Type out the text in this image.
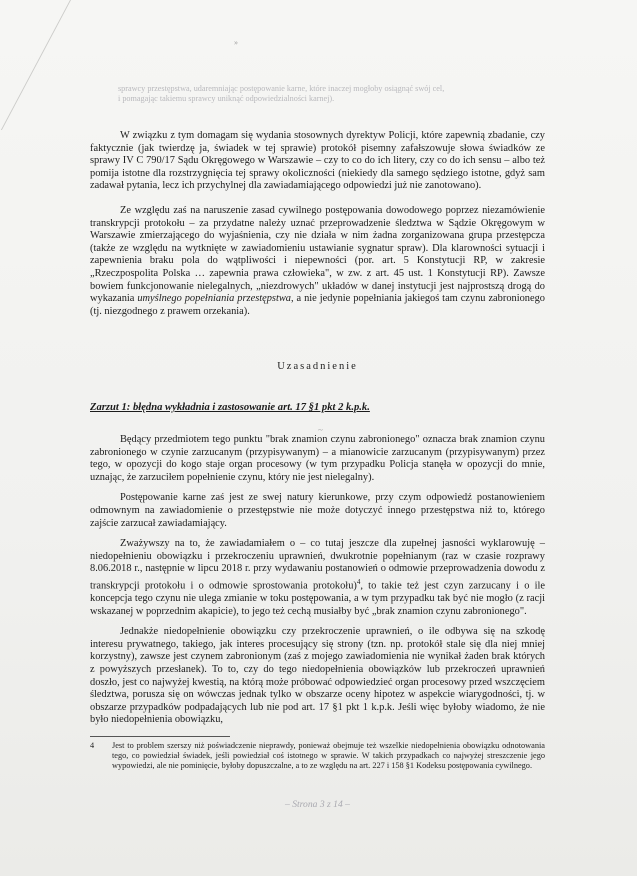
»
sprawcy przestępstwa, udaremniając postępowanie karne, które inaczej mogłoby osiągnąć swój cel,
i pomagając takiemu sprawcy uniknąć odpowiedzialności karnej).

W związku z tym domagam się wydania stosownych dyrektyw Policji, które zapewnią zbadanie, czy faktycznie (jak twierdzę ja, świadek w tej sprawie) protokół pisemny zafałszowuje słowa świadków ze sprawy IV C 790/17 Sądu Okręgowego w Warszawie – czy to co do ich litery, czy co do ich sensu – albo też pomija istotne dla rozstrzygnięcia tej sprawy okoliczności (niekiedy dla samego sędziego istotne, gdyż sam zadawał pytania, lecz ich przychylnej dla zawiadamiającego odpowiedzi już nie zanotowano).

Ze względu zaś na naruszenie zasad cywilnego postępowania dowodowego poprzez niezamówienie transkrypcji protokołu – za przydatne należy uznać przeprowadzenie śledztwa w Sądzie Okręgowym w Warszawie zmierzającego do wyjaśnienia, czy nie działa w nim żadna zorganizowana grupa przestępcza (także ze względu na wytknięte w zawiadomieniu ustawianie sygnatur spraw). Dla klarowności sytuacji i zapewnienia braku pola do wątpliwości i niepewności (por. art. 5 Konstytucji RP, w zakresie „Rzeczpospolita Polska … zapewnia prawa człowieka", w zw. z art. 45 ust. 1 Konstytucji RP). Zawsze bowiem funkcjonowanie nielegalnych, „niezdrowych" układów w danej instytucji jest najprostszą drogą do wykazania umyślnego popełniania przestępstwa, a nie jedynie popełniania jakiegoś tam czynu zabronionego (tj. niezgodnego z prawem orzekania).

Uzasadnienie
Zarzut 1: błędna wykładnia i zastosowanie art. 17 §1 pkt 2 k.p.k.
~

Będący przedmiotem tego punktu "brak znamion czynu zabronionego" oznacza brak znamion czynu zabronionego w czynie zarzucanym (przypisywanym) – a mianowicie zarzucanym (przypisywanym) przez tego, w opozycji do kogo staje organ procesowy (w tym przypadku Policja stanęła w opozycji do mnie, uznając, że zarzuciłem popełnienie czynu, który nie jest nielegalny).

Postępowanie karne zaś jest ze swej natury kierunkowe, przy czym odpowiedź postanowieniem odmownym na zawiadomienie o przestępstwie nie może dotyczyć innego przestępstwa niż to, którego zajście zarzucał zawiadamiający.

Zważywszy na to, że zawiadamiałem o – co tutaj jeszcze dla zupełnej jasności wyklarowuję – niedopełnieniu obowiązku i przekroczeniu uprawnień, dwukrotnie popełnianym (raz w czasie rozprawy 8.06.2018 r., następnie w lipcu 2018 r. przy wydawaniu postanowień o odmowie przeprowadzenia dowodu z transkrypcji protokołu i o odmowie sprostowania protokołu)$^4$, to takie też jest czyn zarzucany i o ile koncepcja tego czynu nie ulega zmianie w toku postępowania, a w tym przypadku tak być nie mogło (z racji wskazanej w poprzednim akapicie), to jego też cechą musiałby być „brak znamion czynu zabronionego".

Jednakże niedopełnienie obowiązku czy przekroczenie uprawnień, o ile odbywa się na szkodę interesu prywatnego, takiego, jak interes procesujący się strony (tzn. np. protokół stale się dla niej mniej korzystny), zawsze jest czynem zabronionym (zaś z mojego zawiadomienia nie wynikał żaden brak których z powyższych przesłanek). To to, czy do tego niedopełnienia obowiązków lub przekroczeń uprawnień doszło, jest co najwyżej kwestią, na którą może próbować odpowiedzieć organ procesowy przed wszczęciem śledztwa, porusza się on wówczas jednak tylko w obszarze oceny hipotez w aspekcie wiarygodności, tj. w obszarze przypadków podpadających lub nie pod art. 17 §1 pkt 1 k.p.k. Jeśli więc byłoby wiadomo, że nie było niedopełnienia obowiązku,

4	Jest to problem szerszy niż poświadczenie nieprawdy, ponieważ obejmuje też wszelkie niedopełnienia obowiązku odnotowania tego, co powiedział świadek, jeśli powiedział coś istotnego w sprawie. W takich przypadkach co najwyżej streszczenie jego wypowiedzi, ale nie pominięcie, byłoby dopuszczalne, a to ze względu na art. 227 i 158 §1 Kodeksu postępowania cywilnego.
– Strona 3 z 14 –
